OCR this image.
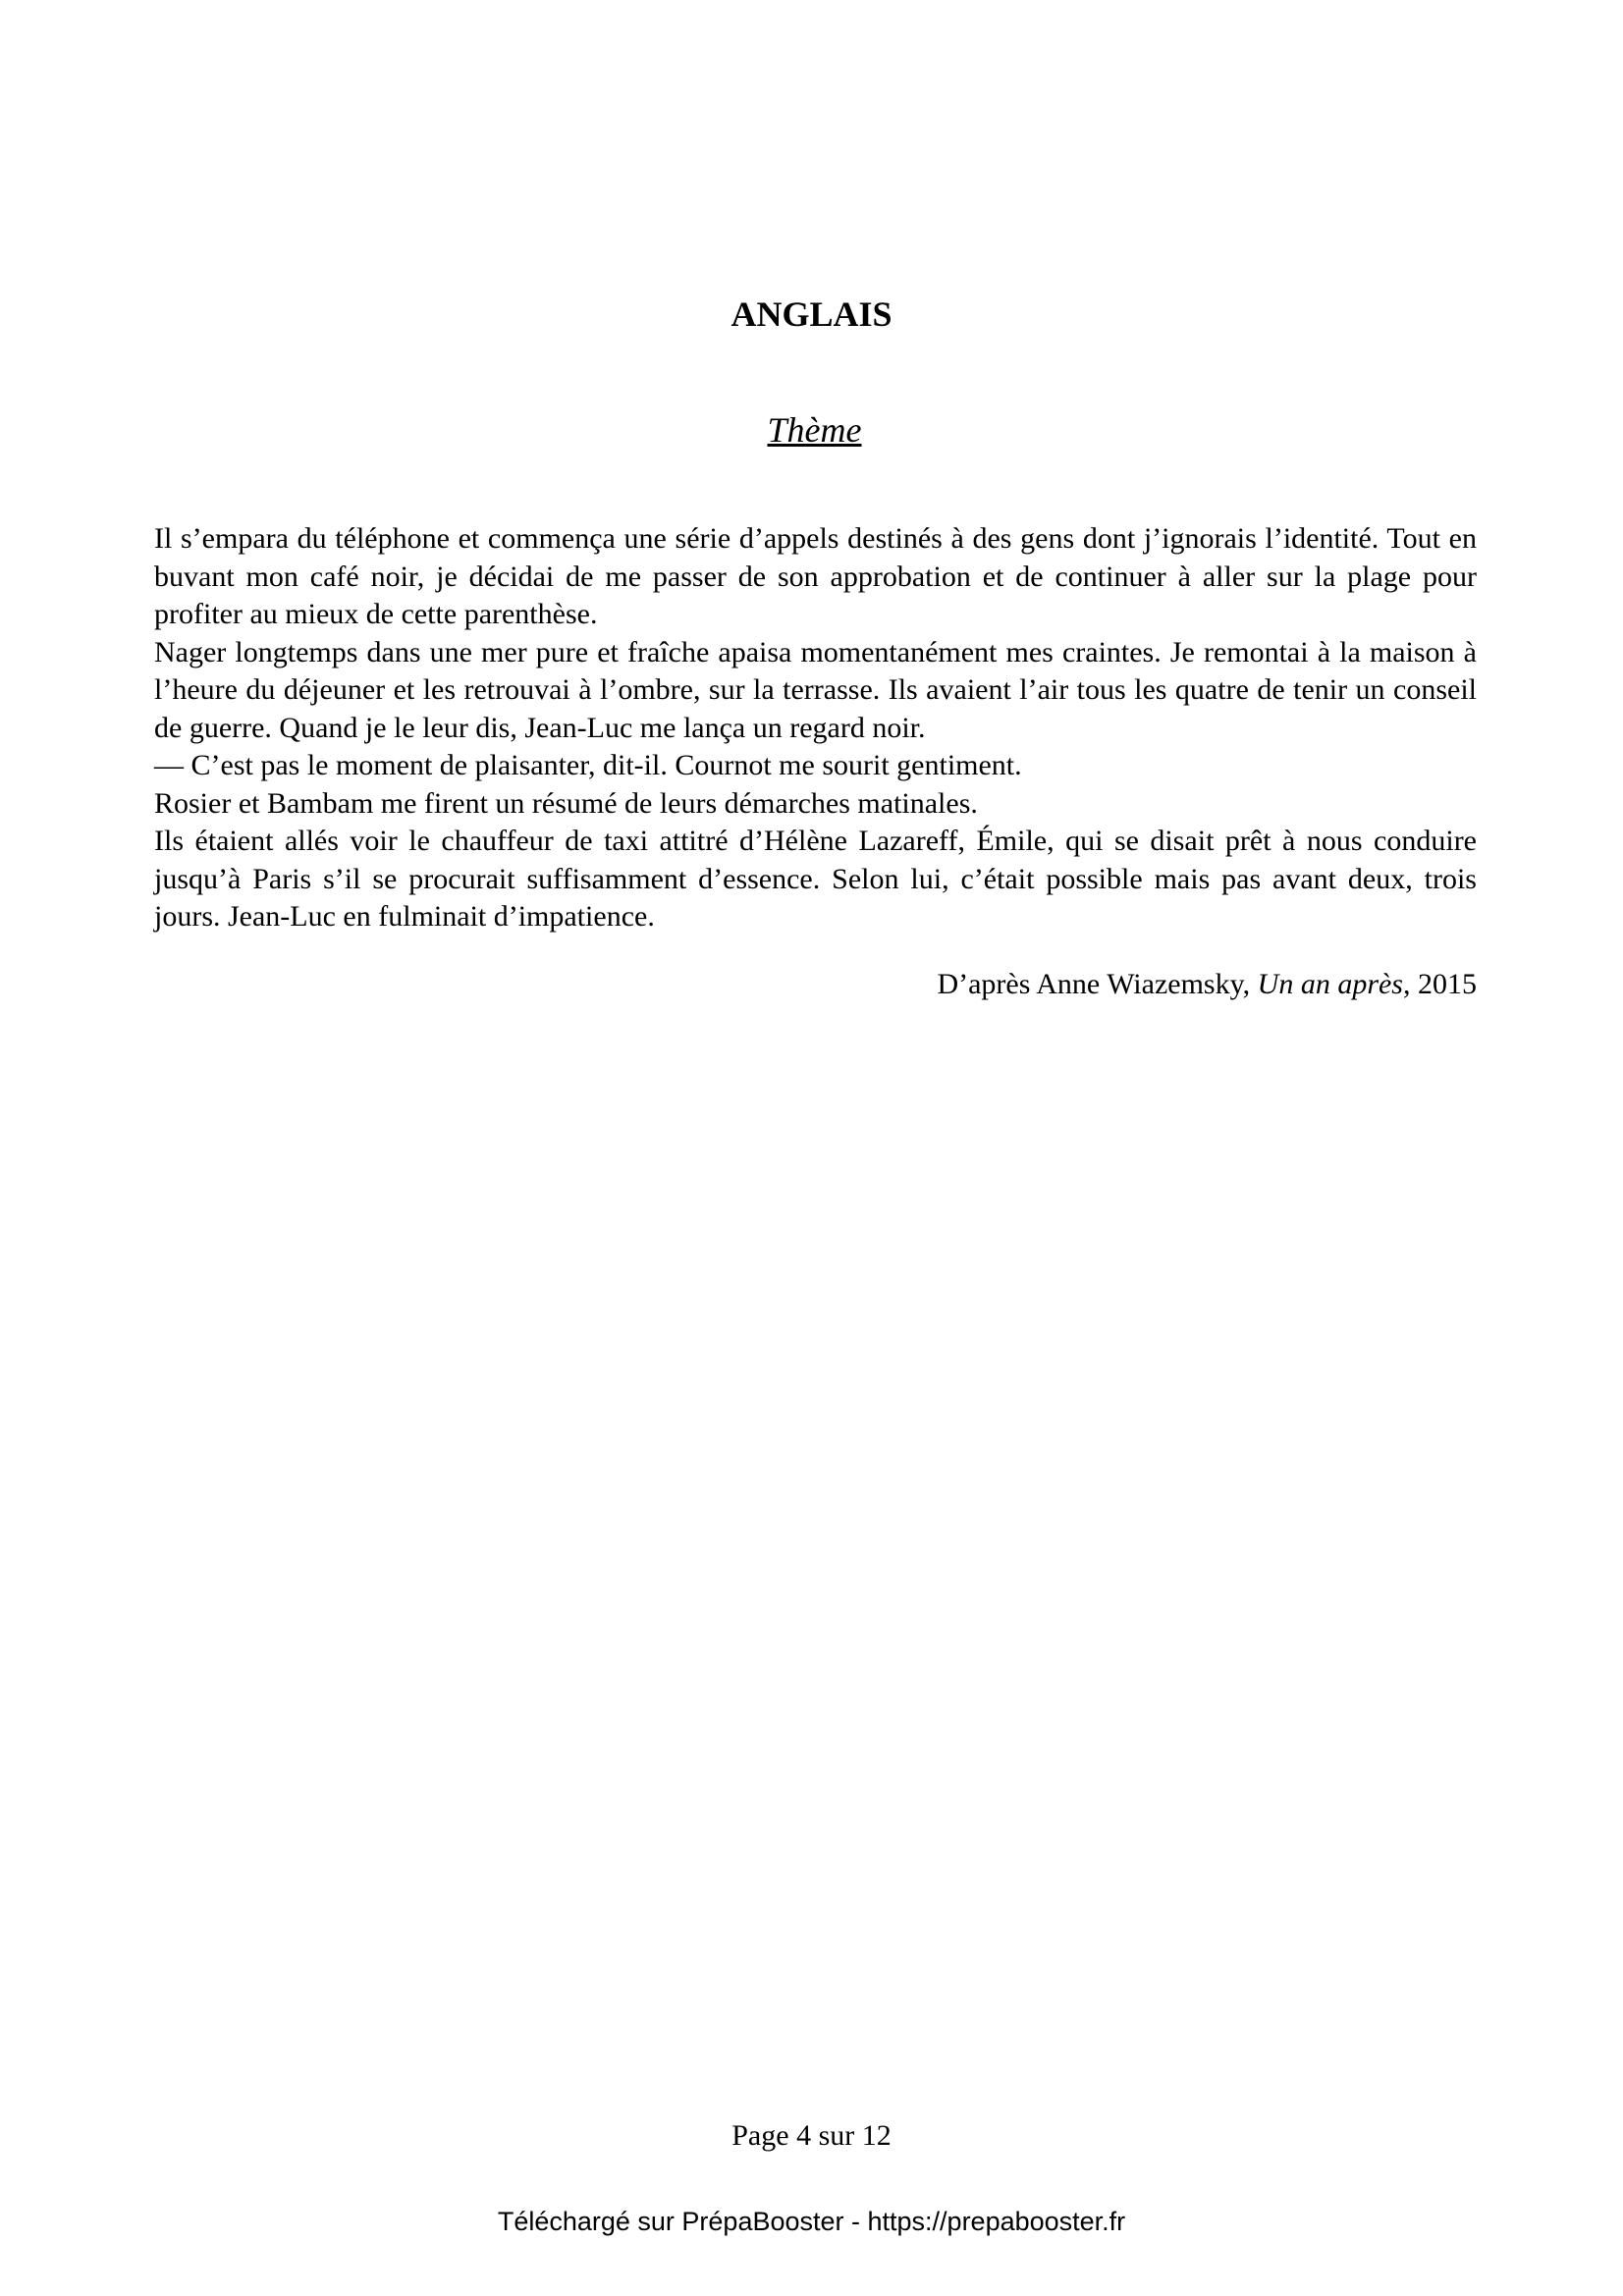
ANGLAIS
Thème

Il s’empara du téléphone et commença une série d’appels destinés à des gens dont j’ignorais l’identité. Tout en buvant mon café noir, je décidai de me passer de son approbation et de continuer à aller sur la plage pour profiter au mieux de cette parenthèse.

Nager longtemps dans une mer pure et fraîche apaisa momentanément mes craintes. Je remontai à la maison à l’heure du déjeuner et les retrouvai à l’ombre, sur la terrasse. Ils avaient l’air tous les quatre de tenir un conseil de guerre. Quand je le leur dis, Jean-Luc me lança un regard noir.

— C’est pas le moment de plaisanter, dit-il. Cournot me sourit gentiment.

Rosier et Bambam me firent un résumé de leurs démarches matinales.

Ils étaient allés voir le chauffeur de taxi attitré d’Hélène Lazareff, Émile, qui se disait prêt à nous conduire jusqu’à Paris s’il se procurait suffisamment d’essence. Selon lui, c’était possible mais pas avant deux, trois jours. Jean-Luc en fulminait d’impatience.

D’après Anne Wiazemsky, Un an après, 2015
Page 4 sur 12
Téléchargé sur PrépaBooster - https://prepabooster.fr
